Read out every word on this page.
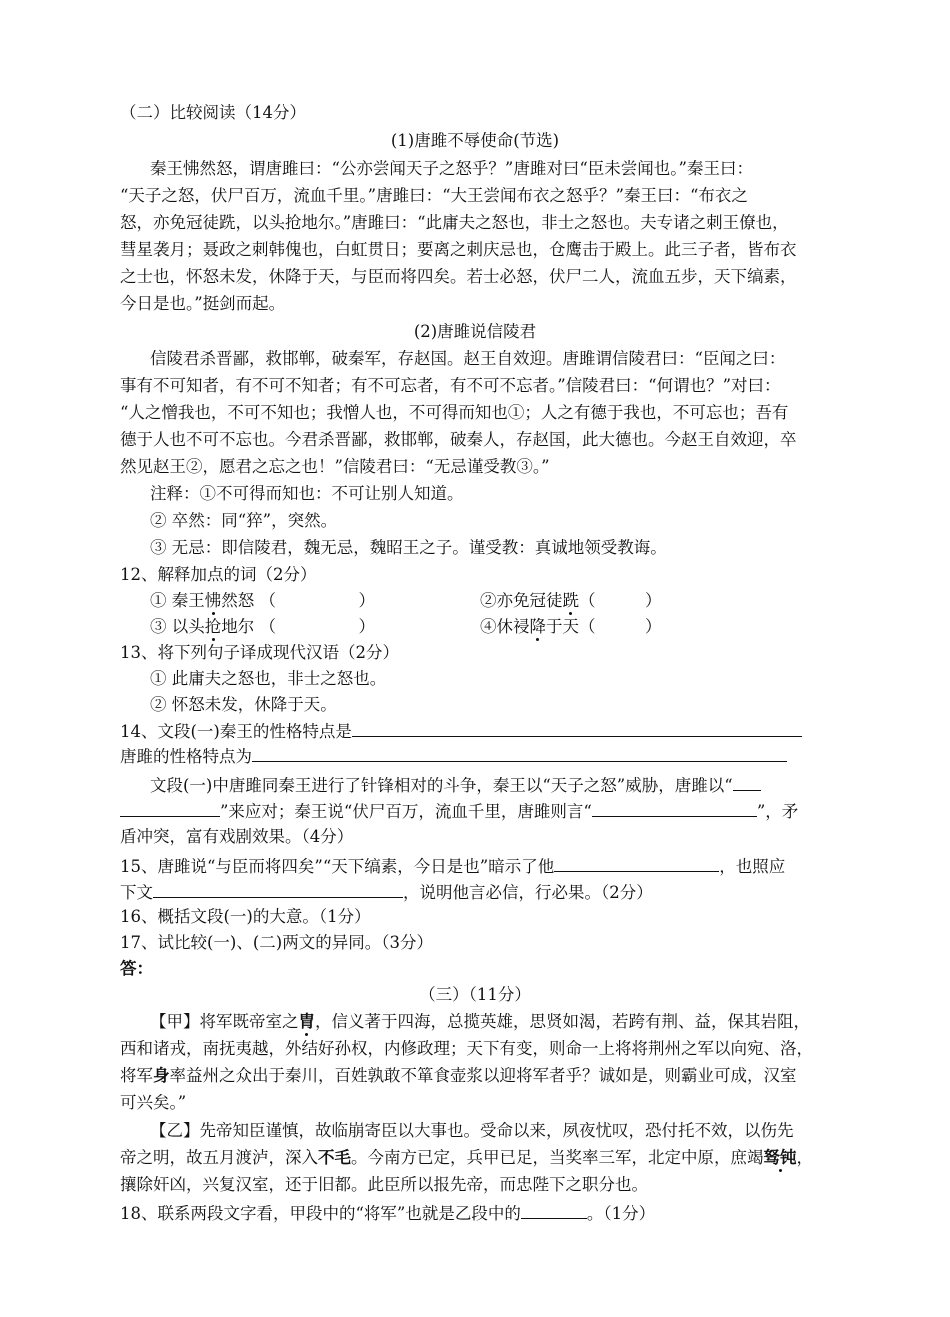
（二）比较阅读（14分）
(1)唐雎不辱使命(节选)
秦王怫然怒，谓唐雎曰：“公亦尝闻天子之怒乎？”唐雎对曰“臣未尝闻也。”秦王曰：
“天子之怒，伏尸百万，流血千里。”唐雎曰：“大王尝闻布衣之怒乎？”秦王曰：“布衣之
怒，亦免冠徒跣，以头抢地尔。”唐雎曰：“此庸夫之怒也，非士之怒也。夫专诸之刺王僚也，
彗星袭月；聂政之刺韩傀也，白虹贯日；要离之刺庆忌也，仓鹰击于殿上。此三子者，皆布衣
之士也，怀怒未发，休降于天，与臣而将四矣。若士必怒，伏尸二人，流血五步，天下缟素，
今日是也。”挺剑而起。
(2)唐雎说信陵君
信陵君杀晋鄙，救邯郸，破秦军，存赵国。赵王自效迎。唐雎谓信陵君曰：“臣闻之曰：
事有不可知者，有不可不知者；有不可忘者，有不可不忘者。”信陵君曰：“何谓也？”对曰：
“人之憎我也，不可不知也；我憎人也，不可得而知也①；人之有德于我也，不可忘也；吾有
德于人也不可不忘也。今君杀晋鄙，救邯郸，破秦人，存赵国，此大德也。今赵王自效迎，卒
然见赵王②，愿君之忘之也！”信陵君曰：“无忌谨受教③。”
注释：①不可得而知也：不可让别人知道。
② 卒然：同“猝”，突然。
③ 无忌：即信陵君，魏无忌，魏昭王之子。谨受教：真诚地领受教诲。
12、解释加点的词（2分）
① 秦王怫然怒 （　　　　　）	②亦免冠徒跣（　　　）
③ 以头抢地尔 （　　　　　）	④休祲降于天（　　　）
13、将下列句子译成现代汉语（2分）
① 此庸夫之怒也，非士之怒也。
② 怀怒未发，休降于天。
14、文段(一)秦王的性格特点是
唐雎的性格特点为
文段(一)中唐雎同秦王进行了针锋相对的斗争，秦王以“天子之怒”威胁，唐雎以“
”来应对；秦王说“伏尸百万，流血千里，唐雎则言“	”，矛
盾冲突，富有戏剧效果。（4分）
15、唐雎说“与臣而将四矣”“天下缟素，今日是也”暗示了他	，也照应
下文	，说明他言必信，行必果。（2分）
16、概括文段(一)的大意。（1分）
17、试比较(一)、(二)两文的异同。（3分）
答：
（三）（11分）
【甲】将军既帝室之胄，信义著于四海，总揽英雄，思贤如渴，若跨有荆、益，保其岩阻，
西和诸戎，南抚夷越，外结好孙权，内修政理；天下有变，则命一上将将荆州之军以向宛、洛，
将军身率益州之众出于秦川，百姓孰敢不箪食壶浆以迎将军者乎？诚如是，则霸业可成，汉室
可兴矣。”
【乙】先帝知臣谨慎，故临崩寄臣以大事也。受命以来，夙夜忧叹，恐付托不效，以伤先
帝之明，故五月渡泸，深入不毛。今南方已定，兵甲已足，当奖率三军，北定中原，庶竭驽钝，
攘除奸凶，兴复汉室，还于旧都。此臣所以报先帝，而忠陛下之职分也。
18、联系两段文字看，甲段中的“将军”也就是乙段中的	。（1分）
